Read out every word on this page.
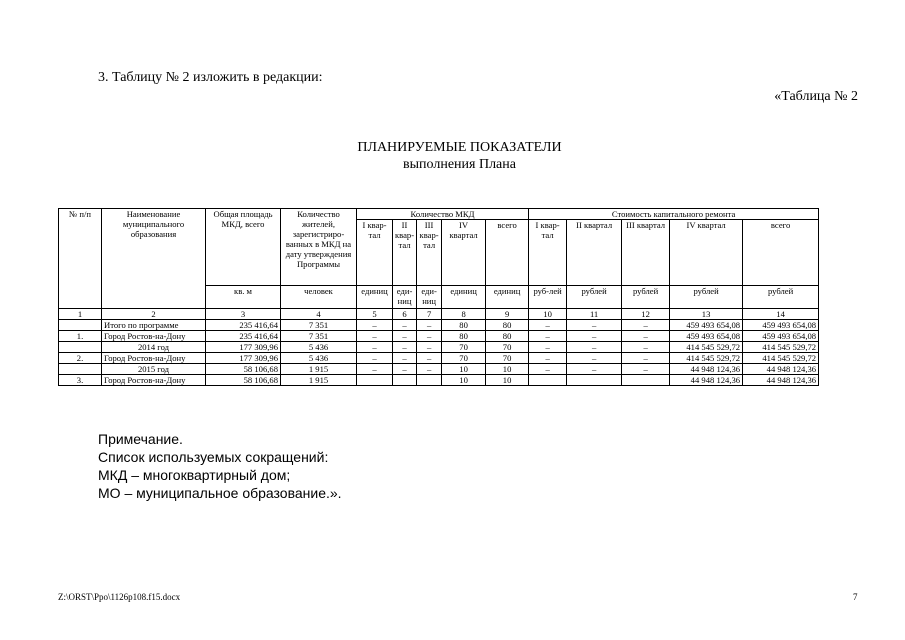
3. Таблицу № 2 изложить в редакции:
«Таблица № 2
ПЛАНИРУЕМЫЕ ПОКАЗАТЕЛИ
выполнения Плана
№ п/п	Наименование муниципального образования	Общая площадь МКД, всего	Количество жителей, зарегистриро-ванных в МКД на дату утверждения Программы	Количество МКД					Стоимость капитального ремонта				
				I квар-тал	II квар-тал	III квар-тал	IV квартал	всего	I квар-тал	II квартал	III квартал	IV квартал	всего
		кв. м	человек	единиц	еди-ниц	еди-ниц	единиц	единиц	руб-лей	рублей	рублей	рублей	рублей
1	2	3	4	5	6	7	8	9	10	11	12	13	14
	Итого по программе	235 416,64	7 351	–	–	–	80	80	–	–	–	459 493 654,08	459 493 654,08
1.	Город Ростов-на-Дону	235 416,64	7 351	–	–	–	80	80	–	–	–	459 493 654,08	459 493 654,08
	2014 год	177 309,96	5 436	–	–	–	70	70	–	–	–	414 545 529,72	414 545 529,72
2.	Город Ростов-на-Дону	177 309,96	5 436	–	–	–	70	70	–	–	–	414 545 529,72	414 545 529,72
	2015 год	58 106,68	1 915	–	–	–	10	10	–	–	–	44 948 124,36	44 948 124,36
3.	Город Ростов-на-Дону	58 106,68	1 915				10	10				44 948 124,36	44 948 124,36
Примечание.
Список используемых сокращений:
МКД – многоквартирный дом;
МО – муниципальное образование.».
Z:\ORST\Ppo\1126p108.f15.docx	7
